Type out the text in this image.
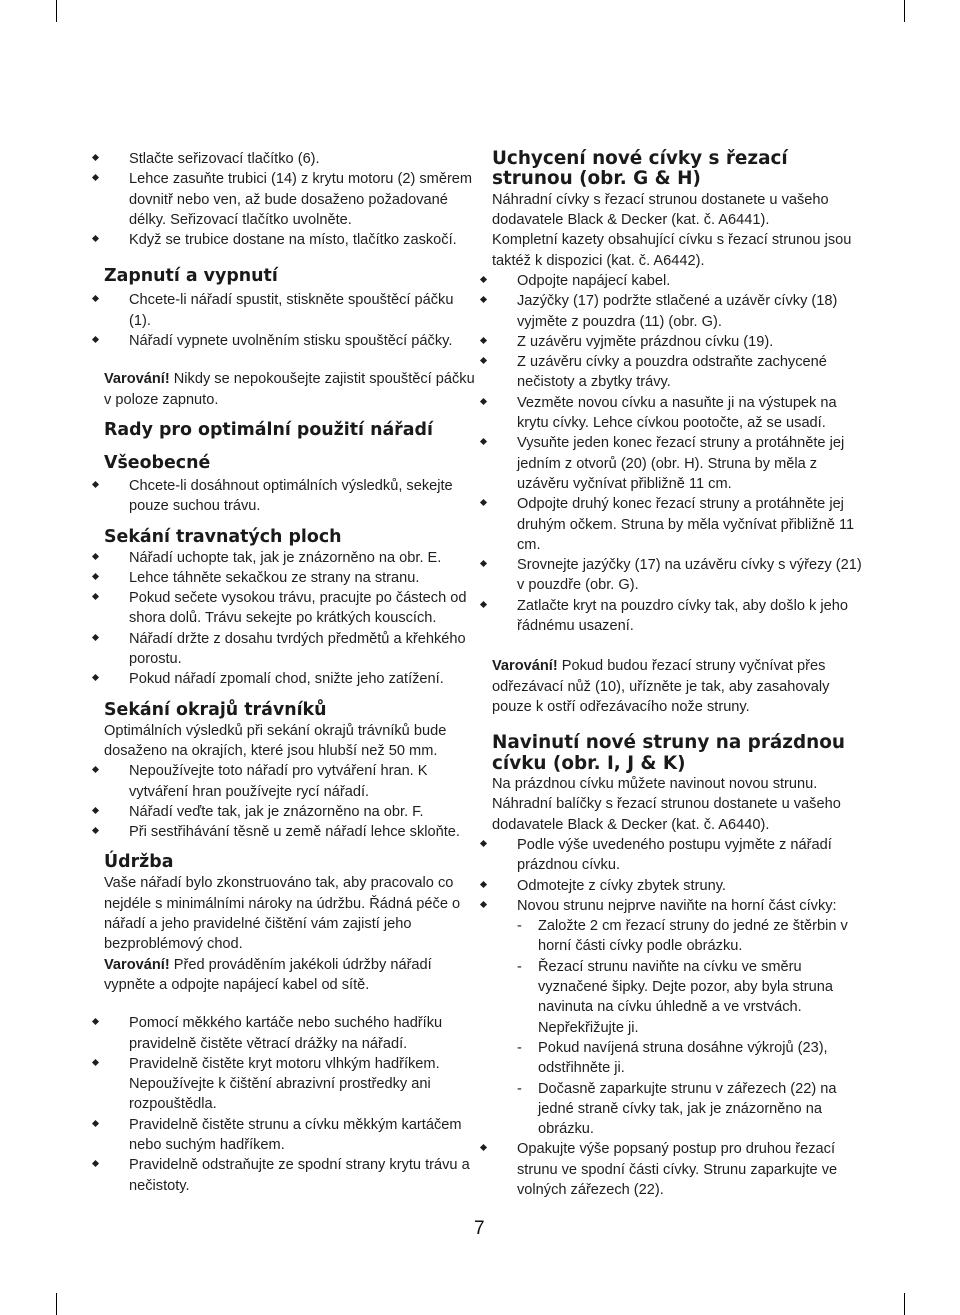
Stlačte seřizovací tlačítko (6).
Lehce zasuňte trubici (14) z krytu motoru (2) směrem dovnitř nebo ven, až bude dosaženo požadované délky. Seřizovací tlačítko uvolněte.
Když se trubice dostane na místo, tlačítko zaskočí.
Zapnutí a vypnutí
Chcete-li nářadí spustit, stiskněte spouštěcí páčku (1).
Nářadí vypnete uvolněním stisku spouštěcí páčky.

Varování! Nikdy se nepokoušejte zajistit spouštěcí páčku v poloze zapnuto.

Rady pro optimální použití nářadí
Všeobecné
Chcete-li dosáhnout optimálních výsledků, sekejte pouze suchou trávu.
Sekání travnatých ploch
Nářadí uchopte tak, jak je znázorněno na obr. E.
Lehce táhněte sekačkou ze strany na stranu.
Pokud sečete vysokou trávu, pracujte po částech od shora dolů. Trávu sekejte po krátkých kouscích.
Nářadí držte z dosahu tvrdých předmětů a křehkého porostu.
Pokud nářadí zpomalí chod, snižte jeho zatížení.
Sekání okrajů trávníků

Optimálních výsledků při sekání okrajů trávníků bude dosaženo na okrajích, které jsou hlubší než 50 mm.

Nepoužívejte toto nářadí pro vytváření hran. K vytváření hran používejte rycí nářadí.
Nářadí veďte tak, jak je znázorněno na obr. F.
Při sestřihávání těsně u země nářadí lehce skloňte.
Údržba

Vaše nářadí bylo zkonstruováno tak, aby pracovalo co nejdéle s minimálními nároky na údržbu. Řádná péče o nářadí a jeho pravidelné čištění vám zajistí jeho bezproblémový chod.

Varování! Před prováděním jakékoli údržby nářadí vypněte a odpojte napájecí kabel od sítě.

Pomocí měkkého kartáče nebo suchého hadříku pravidelně čistěte větrací drážky na nářadí.
Pravidelně čistěte kryt motoru vlhkým hadříkem. Nepoužívejte k čištění abrazivní prostředky ani rozpouštědla.
Pravidelně čistěte strunu a cívku měkkým kartáčem nebo suchým hadříkem.
Pravidelně odstraňujte ze spodní strany krytu trávu a nečistoty.
Uchycení nové cívky s řezací strunou (obr. G & H)

Náhradní cívky s řezací strunou dostanete u vašeho dodavatele Black & Decker (kat. č. A6441).

Kompletní kazety obsahující cívku s řezací strunou jsou taktéž k dispozici (kat. č. A6442).

Odpojte napájecí kabel.
Jazýčky (17) podržte stlačené a uzávěr cívky (18) vyjměte z pouzdra (11) (obr. G).
Z uzávěru vyjměte prázdnou cívku (19).
Z uzávěru cívky a pouzdra odstraňte zachycené nečistoty a zbytky trávy.
Vezměte novou cívku a nasuňte ji na výstupek na krytu cívky. Lehce cívkou pootočte, až se usadí.
Vysuňte jeden konec řezací struny a protáhněte jej jedním z otvorů (20) (obr. H). Struna by měla z uzávěru vyčnívat přibližně 11 cm.
Odpojte druhý konec řezací struny a protáhněte jej druhým očkem. Struna by měla vyčnívat přibližně 11 cm.
Srovnejte jazýčky (17) na uzávěru cívky s výřezy (21) v pouzdře (obr. G).
Zatlačte kryt na pouzdro cívky tak, aby došlo k jeho řádnému usazení.

Varování! Pokud budou řezací struny vyčnívat přes odřezávací nůž (10), uřízněte je tak, aby zasahovaly pouze k ostří odřezávacího nože struny.

Navinutí nové struny na prázdnou cívku (obr. I, J & K)

Na prázdnou cívku můžete navinout novou strunu.

Náhradní balíčky s řezací strunou dostanete u vašeho dodavatele Black & Decker (kat. č. A6440).

Podle výše uvedeného postupu vyjměte z nářadí prázdnou cívku.
Odmotejte z cívky zbytek struny.
Novou strunu nejprve naviňte na horní část cívky:
- Založte 2 cm řezací struny do jedné ze štěrbin v horní části cívky podle obrázku.
- Řezací strunu naviňte na cívku ve směru vyznačené šipky. Dejte pozor, aby byla struna navinuta na cívku úhledně a ve vrstvách. Nepřekřižujte ji.
- Pokud navíjená struna dosáhne výkrojů (23), odstřihněte ji.
- Dočasně zaparkujte strunu v zářezech (22) na jedné straně cívky tak, jak je znázorněno na obrázku.
Opakujte výše popsaný postup pro druhou řezací strunu ve spodní části cívky. Strunu zaparkujte ve volných zářezech (22).
7
